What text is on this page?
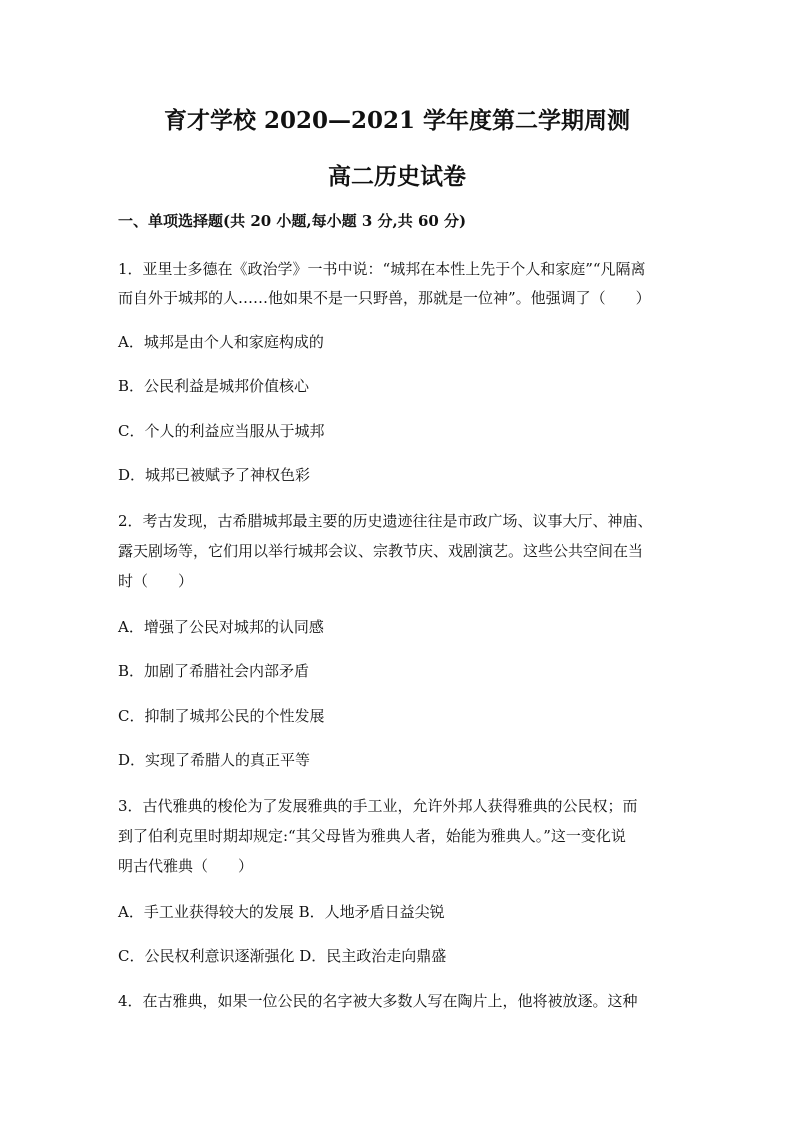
育才学校 2020—2021 学年度第二学期周测
高二历史试卷
一、单项选择题(共 20 小题,每小题 3 分,共 60 分)
1．亚里士多德在《政治学》一书中说：“城邦在本性上先于个人和家庭”“凡隔离
而自外于城邦的人……他如果不是一只野兽，那就是一位神”。他强调了（　　）
A．城邦是由个人和家庭构成的
B．公民利益是城邦价值核心
C．个人的利益应当服从于城邦
D．城邦已被赋予了神权色彩
2．考古发现，古希腊城邦最主要的历史遗迹往往是市政广场、议事大厅、神庙、
露天剧场等，它们用以举行城邦会议、宗教节庆、戏剧演艺。这些公共空间在当
时（　　）
A．增强了公民对城邦的认同感
B．加剧了希腊社会内部矛盾
C．抑制了城邦公民的个性发展
D．实现了希腊人的真正平等
3．古代雅典的梭伦为了发展雅典的手工业，允许外邦人获得雅典的公民权；而
到了伯利克里时期却规定:“其父母皆为雅典人者，始能为雅典人。”这一变化说
明古代雅典（　　）
A．手工业获得较大的发展 B．人地矛盾日益尖锐
C．公民权利意识逐渐强化 D．民主政治走向鼎盛
4．在古雅典，如果一位公民的名字被大多数人写在陶片上，他将被放逐。这种
